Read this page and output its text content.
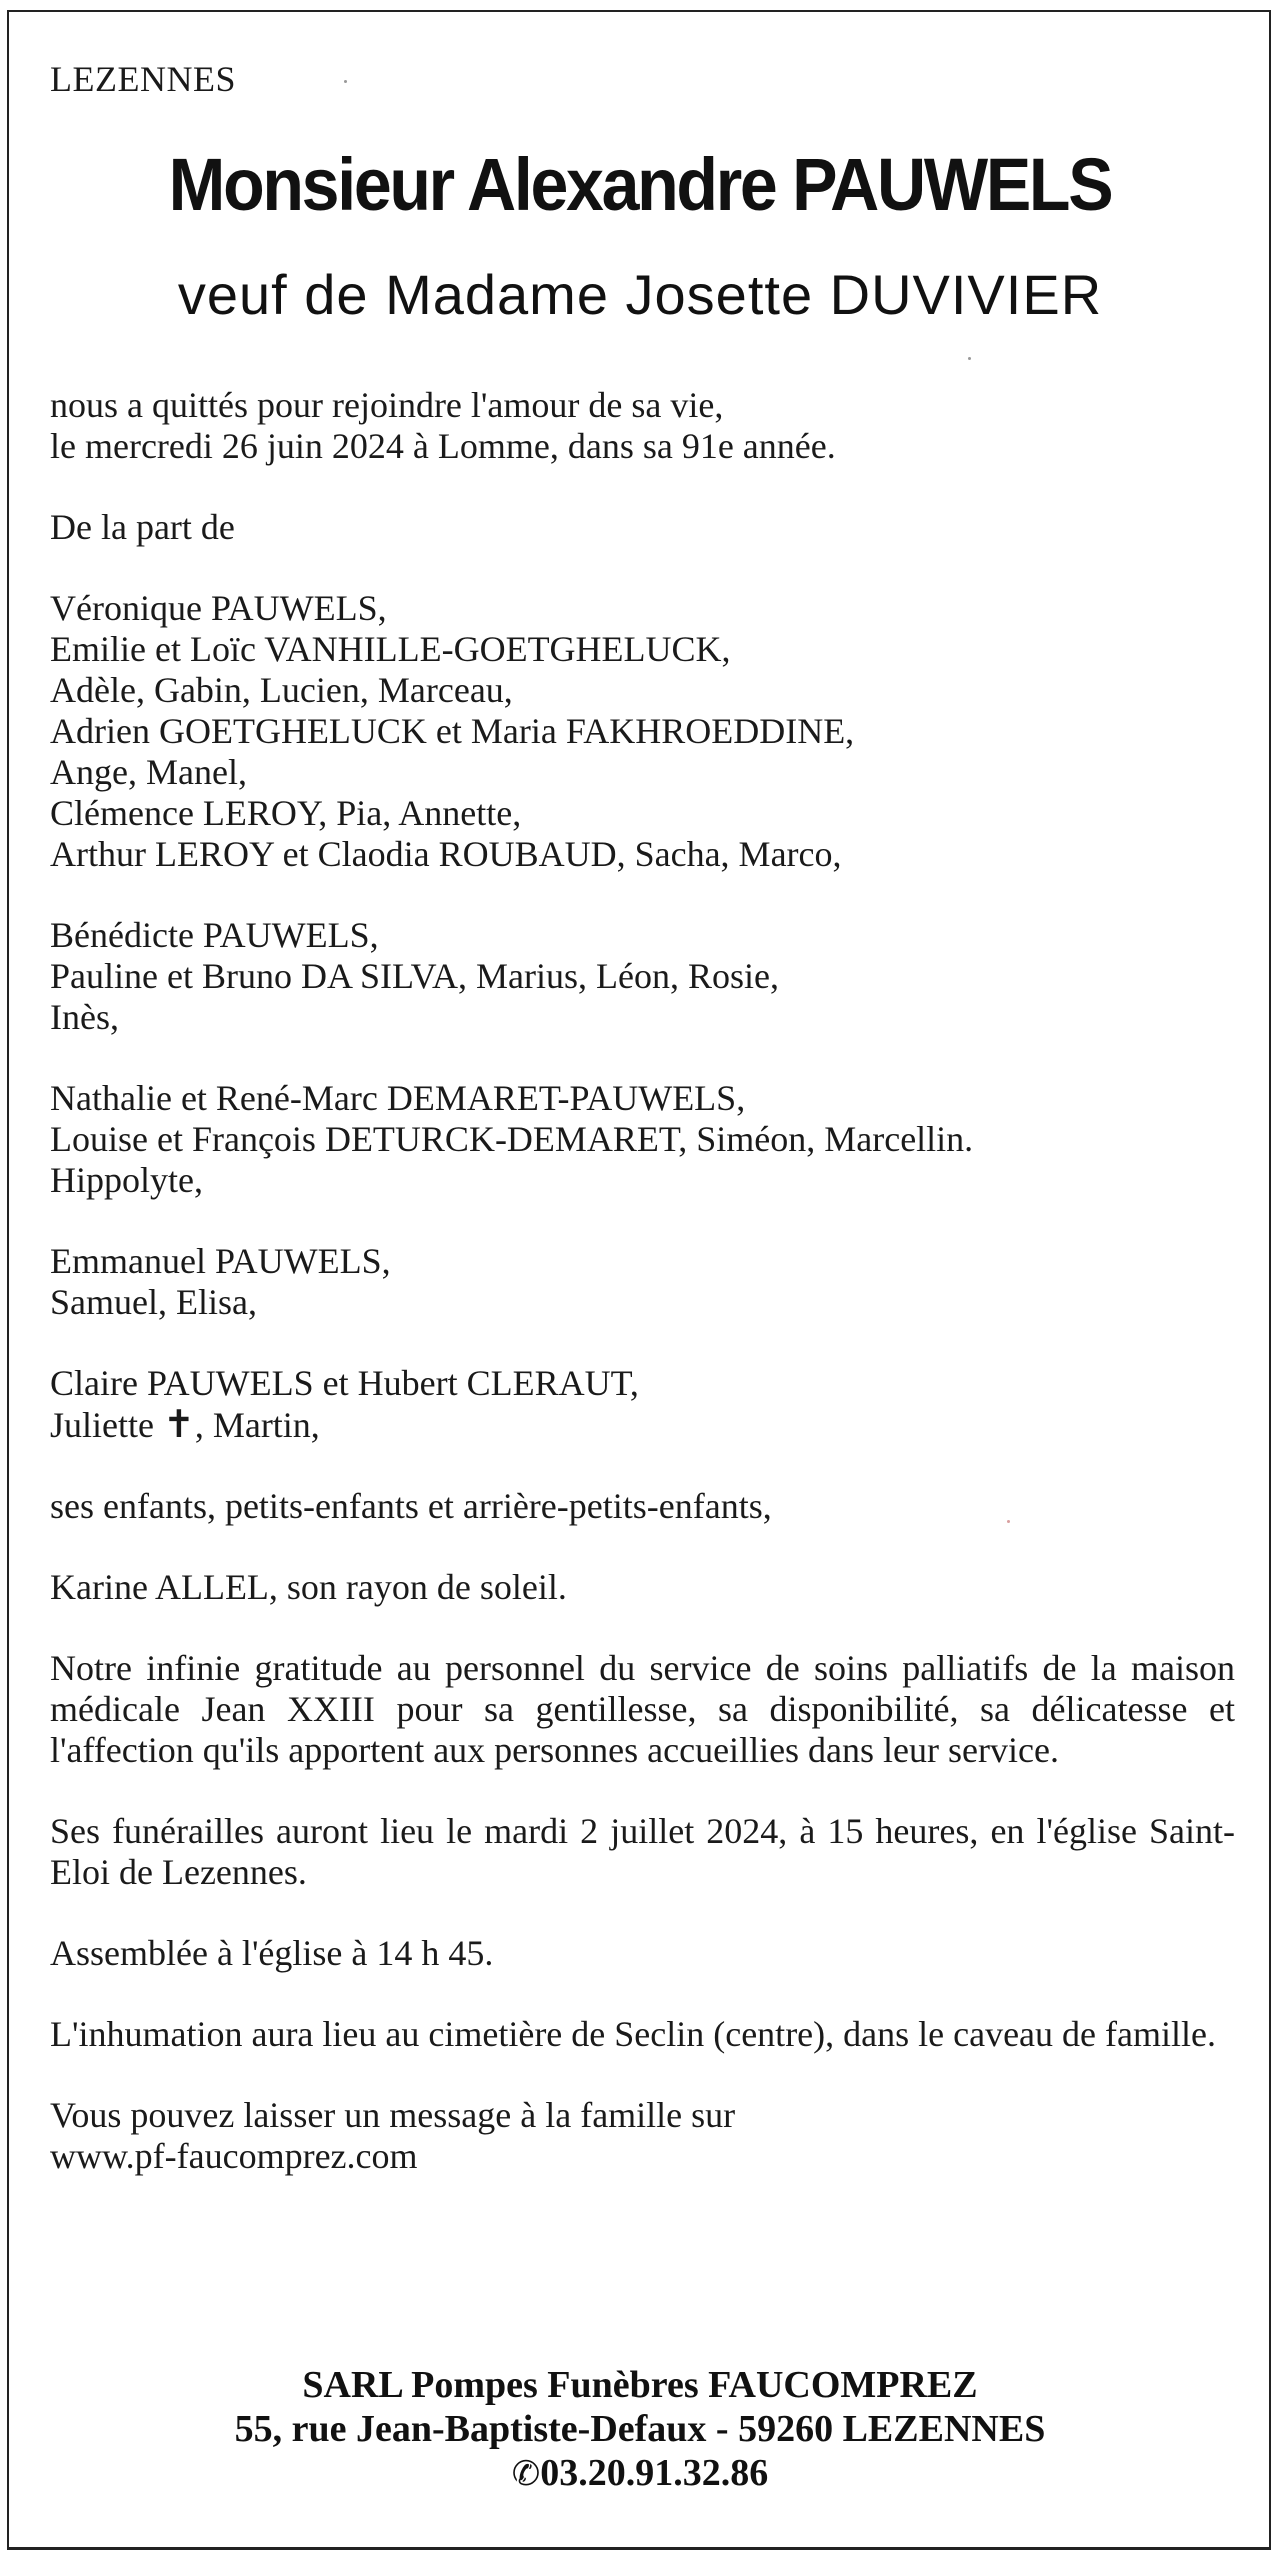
LEZENNES
Monsieur Alexandre PAUWELS
veuf de Madame Josette DUVIVIER
nous a quittés pour rejoindre l'amour de sa vie,
le mercredi 26 juin 2024 à Lomme, dans sa 91e année.
De la part de
Véronique PAUWELS,
Emilie et Loïc VANHILLE-GOETGHELUCK,
Adèle, Gabin, Lucien, Marceau,
Adrien GOETGHELUCK et Maria FAKHROEDDINE,
Ange, Manel,
Clémence LEROY, Pia, Annette,
Arthur LEROY et Claodia ROUBAUD, Sacha, Marco,
Bénédicte PAUWELS,
Pauline et Bruno DA SILVA, Marius, Léon, Rosie,
Inès,
Nathalie et René-Marc DEMARET-PAUWELS,
Louise et François DETURCK-DEMARET, Siméon, Marcellin.
Hippolyte,
Emmanuel PAUWELS,
Samuel, Elisa,
Claire PAUWELS et Hubert CLERAUT,
Juliette ✝, Martin,
ses enfants, petits-enfants et arrière-petits-enfants,
Karine ALLEL, son rayon de soleil.

Notre infinie gratitude au personnel du service de soins palliatifs de la maison médicale Jean XXIII pour sa gentillesse, sa disponibilité, sa délicatesse et l'affection qu'ils apportent aux personnes accueillies dans leur service.

Ses funérailles auront lieu le mardi 2 juillet 2024, à 15 heures, en l'église Saint-Eloi de Lezennes.

Assemblée à l'église à 14 h 45.

L'inhumation aura lieu au cimetière de Seclin (centre), dans le caveau de famille.

Vous pouvez laisser un message à la famille sur
www.pf-faucomprez.com
SARL Pompes Funèbres FAUCOMPREZ
55, rue Jean-Baptiste-Defaux - 59260 LEZENNES
✆03.20.91.32.86
